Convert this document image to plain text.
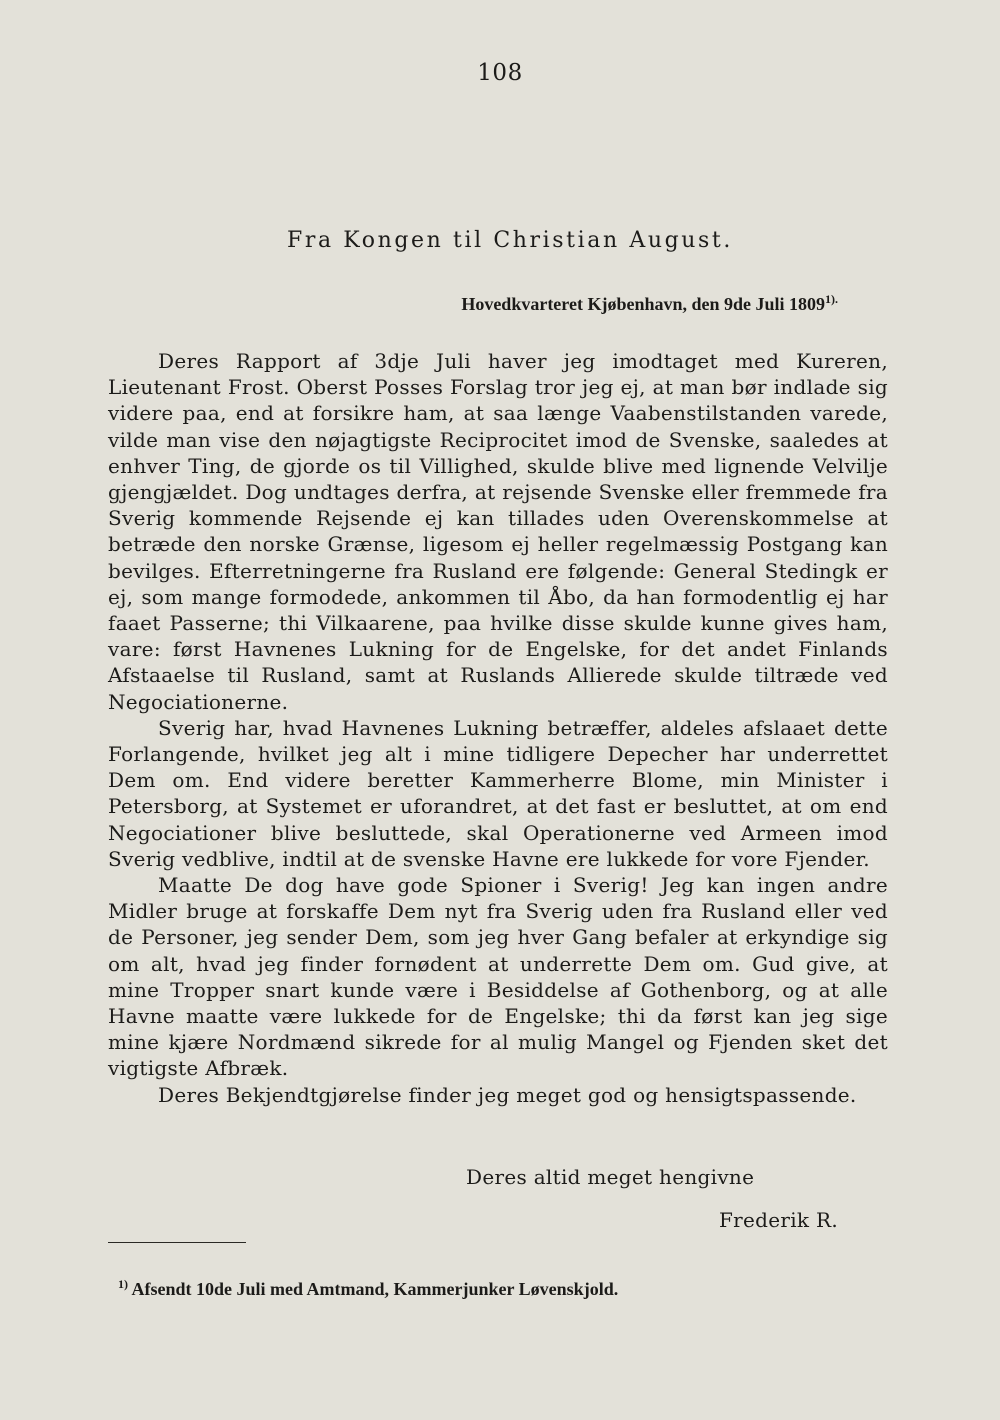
108
Fra Kongen til Christian August.
Hovedkvarteret Kjøbenhavn, den 9de Juli $1809^{1).}$

Deres Rapport af 3dje Juli haver jeg imodtaget med Kureren, Lieutenant Frost. Oberst Posses Forslag tror jeg ej, at man bør indlade sig videre paa, end at forsikre ham, at saa længe Vaabenstilstanden varede, vilde man vise den nøjagtigste Reciprocitet imod de Svenske, saaledes at enhver Ting, de gjorde os til Villighed, skulde blive med lignende Velvilje gjengjældet. Dog undtages derfra, at rejsende Svenske eller fremmede fra Sverig kommende Rejsende ej kan tillades uden Overenskommelse at betræde den norske Grænse, ligesom ej heller regelmæssig Postgang kan bevilges. Efterretningerne fra Rusland ere følgende: General Stedingk er ej, som mange formodede, ankommen til Åbo, da han formodentlig ej har faaet Passerne; thi Vilkaarene, paa hvilke disse skulde kunne gives ham, vare: først Havnenes Lukning for de Engelske, for det andet Finlands Afstaaelse til Rusland, samt at Ruslands Allierede skulde tiltræde ved Negociationerne.

Sverig har, hvad Havnenes Lukning betræffer, aldeles afslaaet dette Forlangende, hvilket jeg alt i mine tidligere Depecher har underrettet Dem om. End videre beretter Kammerherre Blome, min Minister i Petersborg, at Systemet er uforandret, at det fast er besluttet, at om end Negociationer blive besluttede, skal Operationerne ved Armeen imod Sverig vedblive, indtil at de svenske Havne ere lukkede for vore Fjender.

Maatte De dog have gode Spioner i Sverig! Jeg kan ingen andre Midler bruge at forskaffe Dem nyt fra Sverig uden fra Rusland eller ved de Personer, jeg sender Dem, som jeg hver Gang befaler at erkyndige sig om alt, hvad jeg finder fornødent at underrette Dem om. Gud give, at mine Tropper snart kunde være i Besiddelse af Gothenborg, og at alle Havne maatte være lukkede for de Engelske; thi da først kan jeg sige mine kjære Nordmænd sikrede for al mulig Mangel og Fjenden sket det vigtigste Afbræk.

Deres Bekjendtgjørelse finder jeg meget god og hensigtspassende.

Deres altid meget hengivne
Frederik R.
$^{1)}$ Afsendt 10de Juli med Amtmand, Kammerjunker Løvenskjold.
